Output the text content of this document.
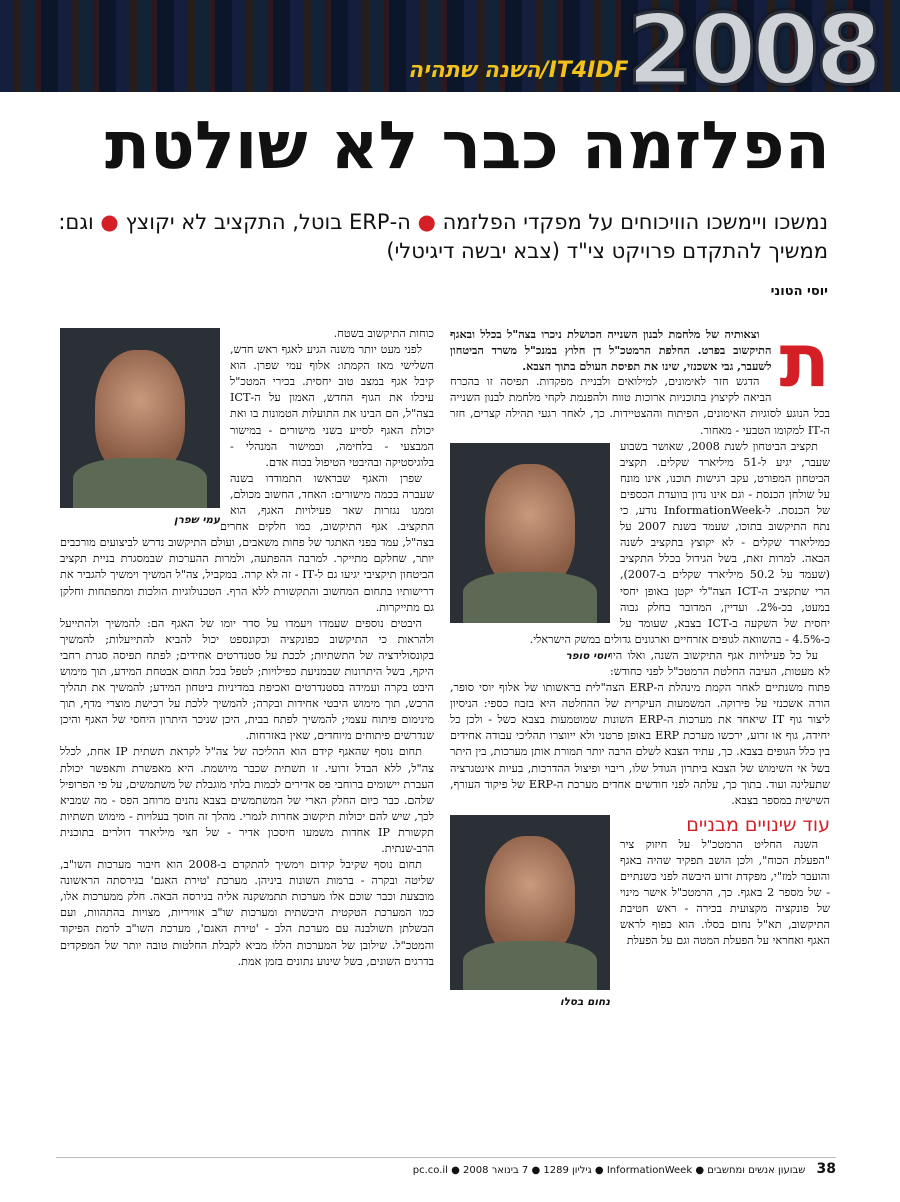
2008
IT4IDF/השנה שתהיה
הפלזמה כבר לא שולטת
נמשכו ויימשכו הוויכוחים על מפקדי הפלזמה ● ה-ERP בוטל, התקציב לא יקוצץ ● וגם: ממשיך להתקדם פרויקט צי"ד (צבא יבשה דיגיטלי)
יוסי הטוני
ת

וצאותיה של מלחמת לבנון השנייה הכושלת ניכרו בצה"ל בכלל ובאגף התיקשוב בפרט. החלפת הרמטכ"ל דן חלוץ במנכ"ל משרד הביטחון לשעבר, גבי אשכנזי, שינו את תפיסת העולם בתוך הצבא.

הדגש חזר לאימונים, למילואים ולבניית מפקדות. תפיסה זו בהכרח הביאה לקיצוץ בתוכניות ארוכות טווח ולהפנמת לקחי מלחמת לבנון השנייה בכל הנוגע לסוגיות האימונים, הפיתוח וההצטיידות. כך, לאחר רגעי תהילה קצרים, חזר ה-IT למקומו הטבעי - מאחור.

תקציב הביטחון לשנת 2008, שאושר בשבוע שעבר, יגיע ל-51 מיליארד שקלים. תקציב הביטחון המפורט, עקב רגישות תוכנו, אינו מונח על שולחן הכנסת - וגם אינו נדון בוועדת הכספים של הכנסת. ל-InformationWeek נודע, כי נתח התיקשוב בתוכו, שעמד בשנת 2007 על כמיליארד שקלים - לא יקוצץ בתקציב לשנה הבאה. למרות זאת, בשל הגידול בכלל התקציב (שעמד על 50.2 מיליארד שקלים ב-2007), הרי שתקציב ה-ICT הצה"לי יקטן באופן יחסי במעט, בכ-2%. ועדיין, המדובר בחלק גבוה יחסית של השקעה ב-ICT בצבא, שעומד על כ-4.5% - בהשוואה לגופים אזרחיים וארגונים גדולים במשק הישראלי.

יוסי סופר על כל פעילויות אגף התיקשוב השנה, ואלו היו לא מעטות, העיבה החלטת הרמטכ"ל לפני כחודש: פתוח משנתיים לאחר הקמת מינהלת ה-ERP הצה"לית בראשותו של אלוף יוסי סופר, הורה אשכנזי על פירוקה. המשמעות העיקרית של ההחלטה היא בזבוז כספי: הניסיון ליצור גוף IT שיאחד את מערכות ה-ERP השונות שמוטמעות בצבא כשל - ולכן כל יחידה, גוף או זרוע, ירכשו מערכת ERP באופן פרטני ולא ייווצרו תהליכי עבודה אחידים בין כלל הגופים בצבא. כך, עתיד הצבא לשלם הרבה יותר תמורת אותן מערכות, בין היתר בשל אי השימוש של הצבא ביתרון הגודל שלו, ריבוי ופיצול ההדרכות, בעיות אינטגרציה שתעלינה ועוד. בתוך כך, עלתה לפני חודשים אחדים מערכת ה-ERP של פיקוד העורף, השישית במספר בצבא.

עוד שינויים מבניים

השנה החליט הרמטכ"ל על חיזוק ציר "הפעלת הכוח", ולכן הושב תפקיד שהיה באגף והועבר למז"י, מפקדת זרוע היבשה לפני כשנתיים - של מספר 2 באגף. כך, הרמטכ"ל אישר מינוי של פונקציה מקצועית בכירה - ראש חטיבת התיקשוב, תא"ל נחום בסלו. הוא כפוף לראש האגף ואחראי על הפעלת המטה וגם על הפעלת

נחום בסלו

כוחות התיקשוב בשטח.

לפני מעט יותר משנה הגיע לאגף ראש חדש, השלישי מאז הקמתו: אלוף עמי שפרן. הוא קיבל אגף במצב טוב יחסית. בכירי המטכ"ל עיכלו את הגוף החדש, האמון על ה-ICT בצה"ל, הם הבינו את התועלות הטמונות בו ואת יכולת האגף לסייע בשני מישורים - במישור המבצעי - בלחימה, ובמישור המנהלי - בלוגיסטיקה ובהיבטי הטיפול בכוח אדם.

עמי שפרן

שפרן והאגף שבראשו התמודדו בשנה שעברה בכמה מישורים: האחד, החשוב מכולם, וממנו נגזרות שאר פעילויות האגף, הוא התקציב. אגף התיקשוב, כמו חלקים אחרים בצה"ל, עמד בפני האתגר של פחות משאבים, ועולם התיקשוב נדרש לביצועים מורכבים יותר, שחלקם מתייקר. למרבה ההפתעה, ולמרות ההערכות שבמסגרת בניית תקציב הביטחון תיקציבי יגיעו גם ל-IT - זה לא קרה. במקביל, צה"ל המשיך וימשיך להגביר את דרישותיו בתחום המחשוב והתקשורת ללא הרף. הטכנולוגיות הולכות ומתפתחות וחלקן גם מתייקרות.

היבטים נוספים שעמדו ויעמדו על סדר יומו של האגף הם: להמשיך ולהתייעל ולהראות כי התיקשוב כפונקציה וכקונספט יכול להביא להתייעלות; להמשיך בקונסולידציה של התשתיות; לככת על סטנדרטים אחידים; לפתח תפיסה סגרת רחבי היקף, בשל היתרונות שבמניעת כפילויות; לטפל בכל תחום אבטחת המידע, תוך מימוש היבט בקרה ועמידה בסטנדרטים ואכיפת במדיניות ביטחון המידע; להמשיך את תהליך הרכש, תוך מימוש היבטי אחידות ובקרה; להמשיך ללכת על רכישת מוצרי מדף, תוך מינימום פיתוח עצמי; להמשיך לפתח בבית, היכן שניכר היתרון היחסי של האגף והיכן שנדרשים פיתוחים מיוחדים, שאין באזרחות.

תחום נוסף שהאגף קידם הוא ההליכה של צה"ל לקראת תשתית IP אחת, לכלל צה"ל, ללא הבדל זרועי. זו תשתית שכבר מיושמת. היא מאפשרת ותאפשר יכולת העברת יישומים ברוחבי פס אדירים לכמות בלתי מוגבלת של משתמשים, על פי הפרופיל שלהם. כבר כיום החלק הארי של המשתמשים בצבא נהנים מרוחב הפס - מה שמביא לכך, שיש להם יכולות תיקשוב אחרות לגמרי. מהלך זה חוסך בעלויות - מימוש תשתיות תקשורת IP אחדות משמעו חיסכון אדיר - של חצי מיליארד דולרים בתוכנית הרב-שנתית.

תחום נוסף שקיבל קידום וימשיך להתקדם ב-2008 הוא חיבור מערכות השו"ב, שליטה ובקרה - ברמות השונות ביניהן. מערכת 'טירת האגם' בגירסתה הראשונה מובצעת וכבר שוכם אלו מערכות תתמשקנה אליה בגירסה הבאה. חלק ממערכות אלו, כמו המערכת הטקטית היבשתית ומערכות שו"ב אוויריות, מצויות בהתהוות, ועם הבשלתן תשולבנה עם מערכת הלב - 'טירת האגם', מערכת השו"ב לרמת הפיקוד והמטכ"ל. שילובן של המערכות הללו מביא לקבלת החלטות טובה יותר של המפקדים בדרגים השונים, בשל שינוע נתונים בזמן אמת.

38 שבועון אנשים ומחשבים ● InformationWeek ● גיליון 1289 ● 7 בינואר 2008 ● pc.co.il
